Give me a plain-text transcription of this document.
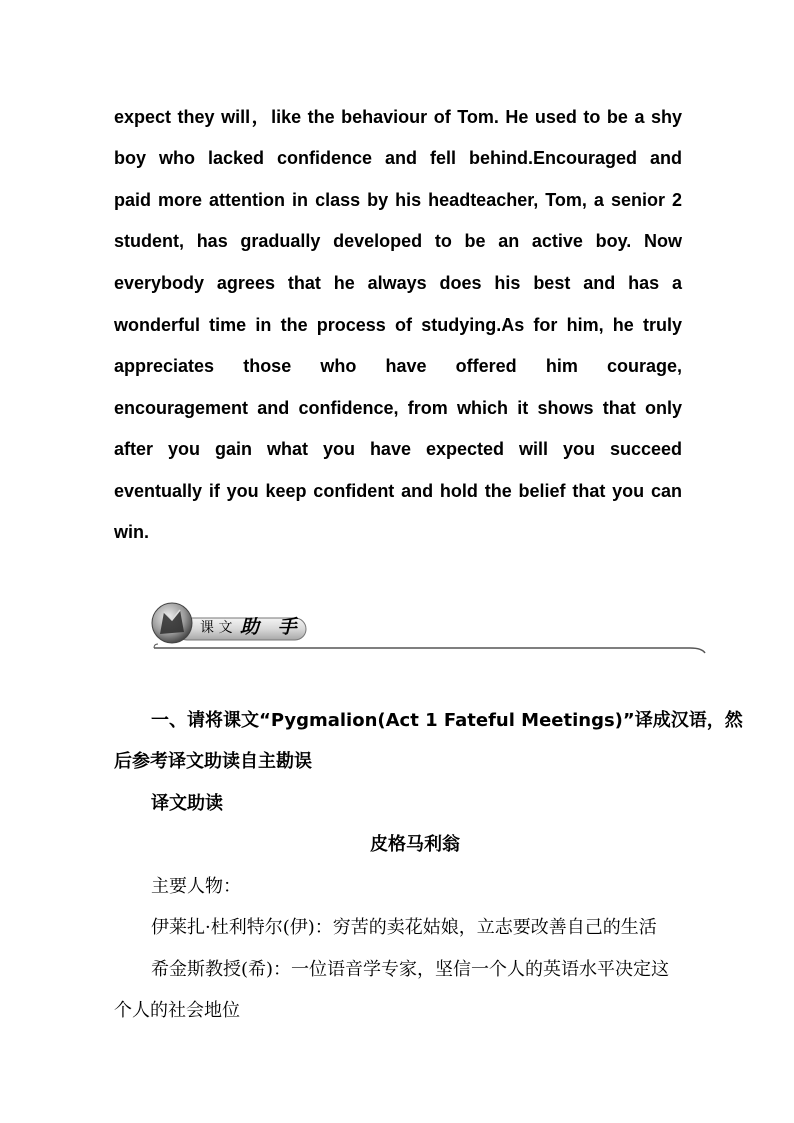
expect they will，like the behaviour of Tom. He used to be a shy
boy who lacked confidence and fell behind.Encouraged and
paid more attention in class by his headteacher, Tom, a senior 2
student, has gradually developed to be an active boy. Now
everybody agrees that he always does his best and has a
wonderful time in the process of studying.As for him, he truly
appreciates those who have offered him courage,
encouragement and confidence, from which it shows that only
after you gain what you have expected will you succeed
eventually if you keep confident and hold the belief that you can
win.
课 文 助 手
一、请将课文“Pygmalion(Act 1 Fateful Meetings)”译成汉语，然
后参考译文助读自主勘误
译文助读
皮格马利翁
主要人物：
伊莱扎·杜利特尔(伊)：穷苦的卖花姑娘，立志要改善自己的生活
希金斯教授(希)：一位语音学专家，坚信一个人的英语水平决定这
个人的社会地位
